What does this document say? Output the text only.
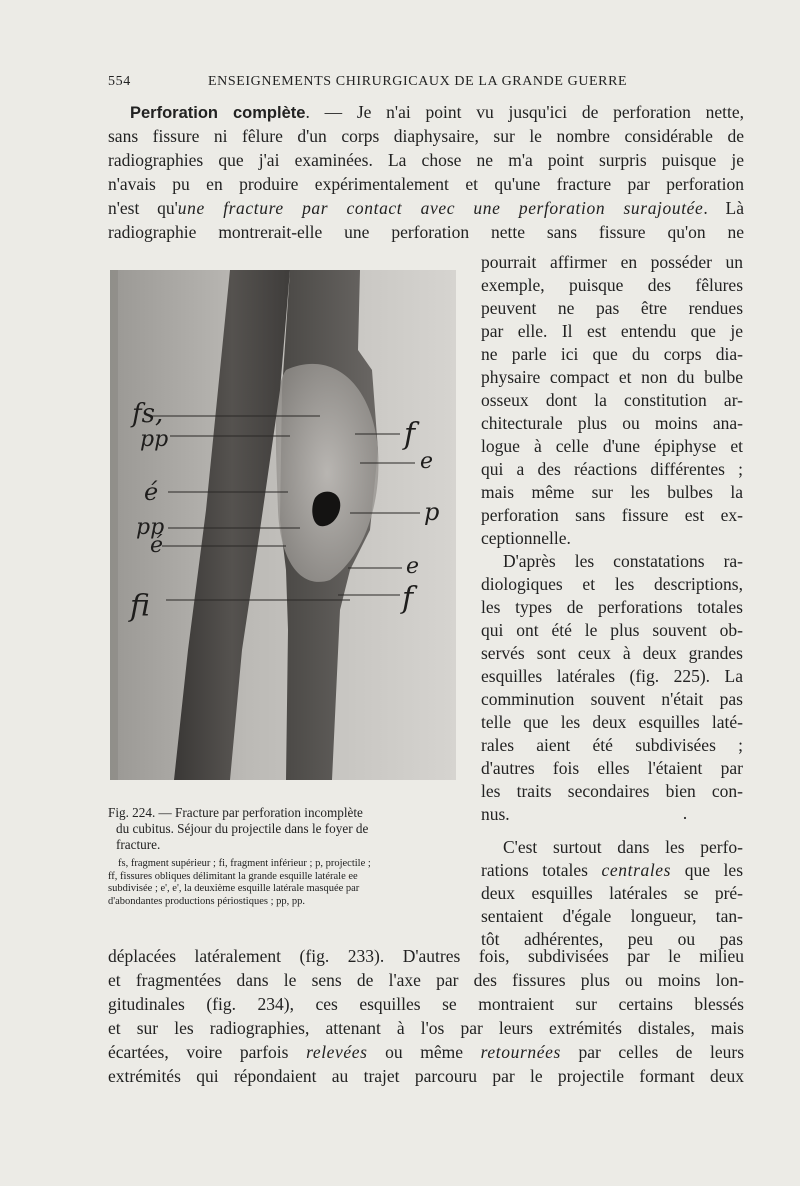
554	ENSEIGNEMENTS CHIRURGICAUX DE LA GRANDE GUERRE
Perforation complète. — Je n'ai point vu jusqu'ici de perforation nette,
sans fissure ni fêlure d'un corps diaphysaire, sur le nombre considérable de
radiographies que j'ai examinées. La chose ne m'a point surpris puisque je
n'avais pu en produire expérimentalement et qu'une fracture par perforation
n'est qu'une fracture par contact avec une perforation surajoutée. Là
radiographie montrerait-elle une perforation nette sans fissure qu'on ne
pourrait affirmer en posséder un
exemple, puisque des fêlures
peuvent ne pas être rendues
par elle. Il est entendu que je
ne parle ici que du corps dia-
physaire compact et non du bulbe
osseux dont la constitution ar-
chitecturale plus ou moins ana-
logue à celle d'une épiphyse et
qui a des réactions différentes ;
mais même sur les bulbes la
perforation sans fissure est ex-
ceptionnelle.
D'après les constatations ra-
diologiques et les descriptions,
les types de perforations totales
qui ont été le plus souvent ob-
servés sont ceux à deux grandes
esquilles latérales (fig. 225). La
comminution souvent n'était pas
telle que les deux esquilles laté-
rales aient été subdivisées ;
d'autres fois elles l'étaient par
les traits secondaires bien con-
nus.
C'est surtout dans les perfo-
rations totales centrales que les
deux esquilles latérales se pré-
sentaient d'égale longueur, tan-
tôt adhérentes, peu ou pas
·
fs,
pp
é
pp
é
fi
f
e
p
e
f
Fig. 224. — Fracture par perforation incomplète
du cubitus. Séjour du projectile dans le foyer de
fracture.
fs, fragment supérieur ; fi, fragment inférieur ; p, projectile ;
ff, fissures obliques délimitant la grande esquille latérale ee
subdivisée ; e', e', la deuxième esquille latérale masquée par
d'abondantes productions périostiques ; pp, pp.
déplacées latéralement (fig. 233). D'autres fois, subdivisées par le milieu
et fragmentées dans le sens de l'axe par des fissures plus ou moins lon-
gitudinales (fig. 234), ces esquilles se montraient sur certains blessés
et sur les radiographies, attenant à l'os par leurs extrémités distales, mais
écartées, voire parfois relevées ou même retournées par celles de leurs
extrémités qui répondaient au trajet parcouru par le projectile formant deux
